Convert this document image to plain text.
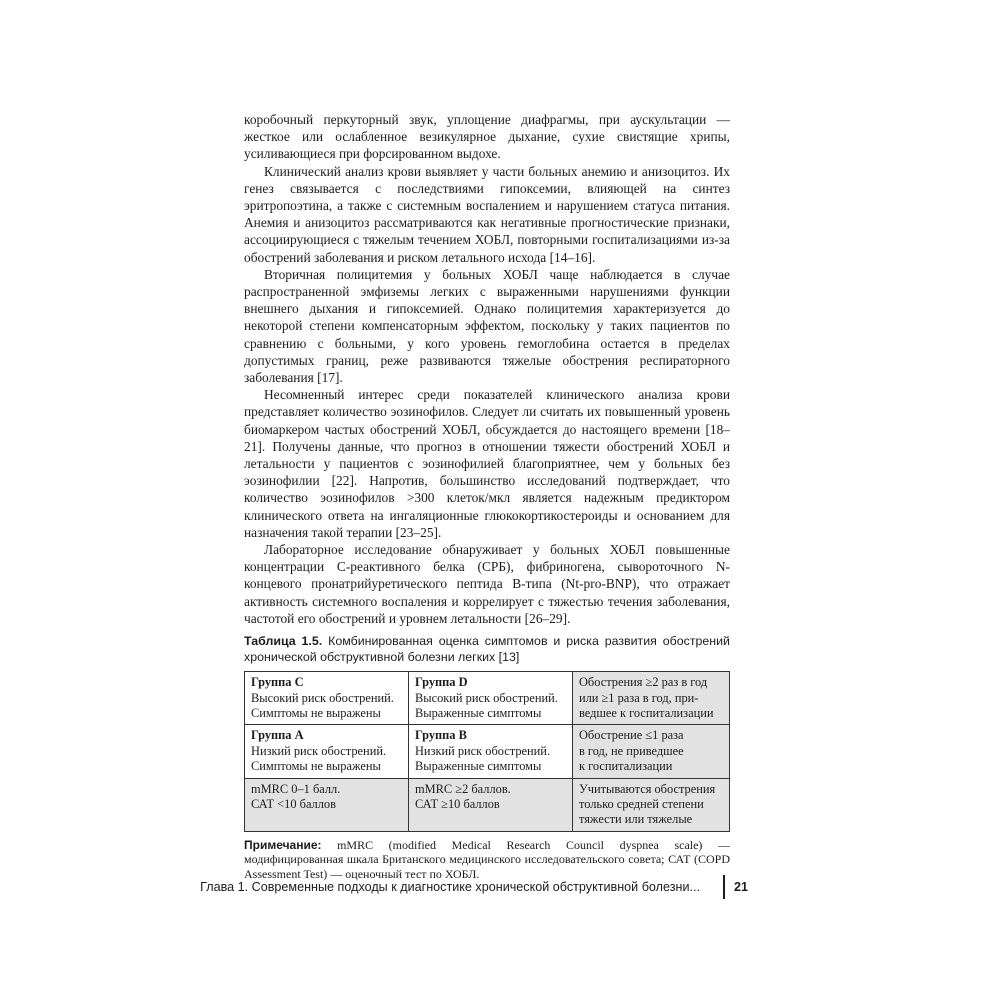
коробочный перкуторный звук, уплощение диафрагмы, при аускультации — жесткое или ослабленное везикулярное дыхание, сухие свистящие хрипы, усиливающиеся при форсированном выдохе.

Клинический анализ крови выявляет у части больных анемию и анизоцитоз. Их генез связывается с последствиями гипоксемии, влияющей на синтез эритропоэтина, а также с системным воспалением и нарушением статуса питания. Анемия и анизоцитоз рассматриваются как негативные прогностические признаки, ассоциирующиеся с тяжелым течением ХОБЛ, повторными госпитализациями из-за обострений заболевания и риском летального исхода [14–16].

Вторичная полицитемия у больных ХОБЛ чаще наблюдается в случае распространенной эмфиземы легких с выраженными нарушениями функции внешнего дыхания и гипоксемией. Однако полицитемия характеризуется до некоторой степени компенсаторным эффектом, поскольку у таких пациентов по сравнению с больными, у кого уровень гемоглобина остается в пределах допустимых границ, реже развиваются тяжелые обострения респираторного заболевания [17].

Несомненный интерес среди показателей клинического анализа крови представляет количество эозинофилов. Следует ли считать их повышенный уровень биомаркером частых обострений ХОБЛ, обсуждается до настоящего времени [18–21]. Получены данные, что прогноз в отношении тяжести обострений ХОБЛ и летальности у пациентов с эозинофилией благоприятнее, чем у больных без эозинофилии [22]. Напротив, большинство исследований подтверждает, что количество эозинофилов >300 клеток/мкл является надежным предиктором клинического ответа на ингаляционные глюкокортикостероиды и основанием для назначения такой терапии [23–25].

Лабораторное исследование обнаруживает у больных ХОБЛ повышенные концентрации С-реактивного белка (СРБ), фибриногена, сывороточного N-концевого пронатрийуретического пептида В-типа (Nt-pro-BNP), что отражает активность системного воспаления и коррелирует с тяжестью течения заболевания, частотой его обострений и уровнем летальности [26–29].

Таблица 1.5. Комбинированная оценка симптомов и риска развития обострений хронической обструктивной болезни легких [13]

Группа C
Высокий риск обострений.
Симптомы не выражены	Группа D
Высокий риск обострений.
Выраженные симптомы	Обострения ≥2 раз в год
или ≥1 раза в год, при-
ведшее к госпитализации

Группа А
Низкий риск обострений.
Симптомы не выражены	Группа В
Низкий риск обострений.
Выраженные симптомы	Обострение ≤1 раза
в год, не приведшее
к госпитализации

mMRC 0–1 балл.
САТ <10 баллов	mMRC ≥2 баллов.
САТ ≥10 баллов	Учитываются обострения
только средней степени
тяжести или тяжелые

Примечание: mMRC (modified Medical Research Council dyspnea scale) — модифицированная шкала Британского медицинского исследовательского совета; САТ (COPD Assessment Test) — оценочный тест по ХОБЛ.

Глава 1. Современные подходы к диагностике хронической обструктивной болезни...	21
